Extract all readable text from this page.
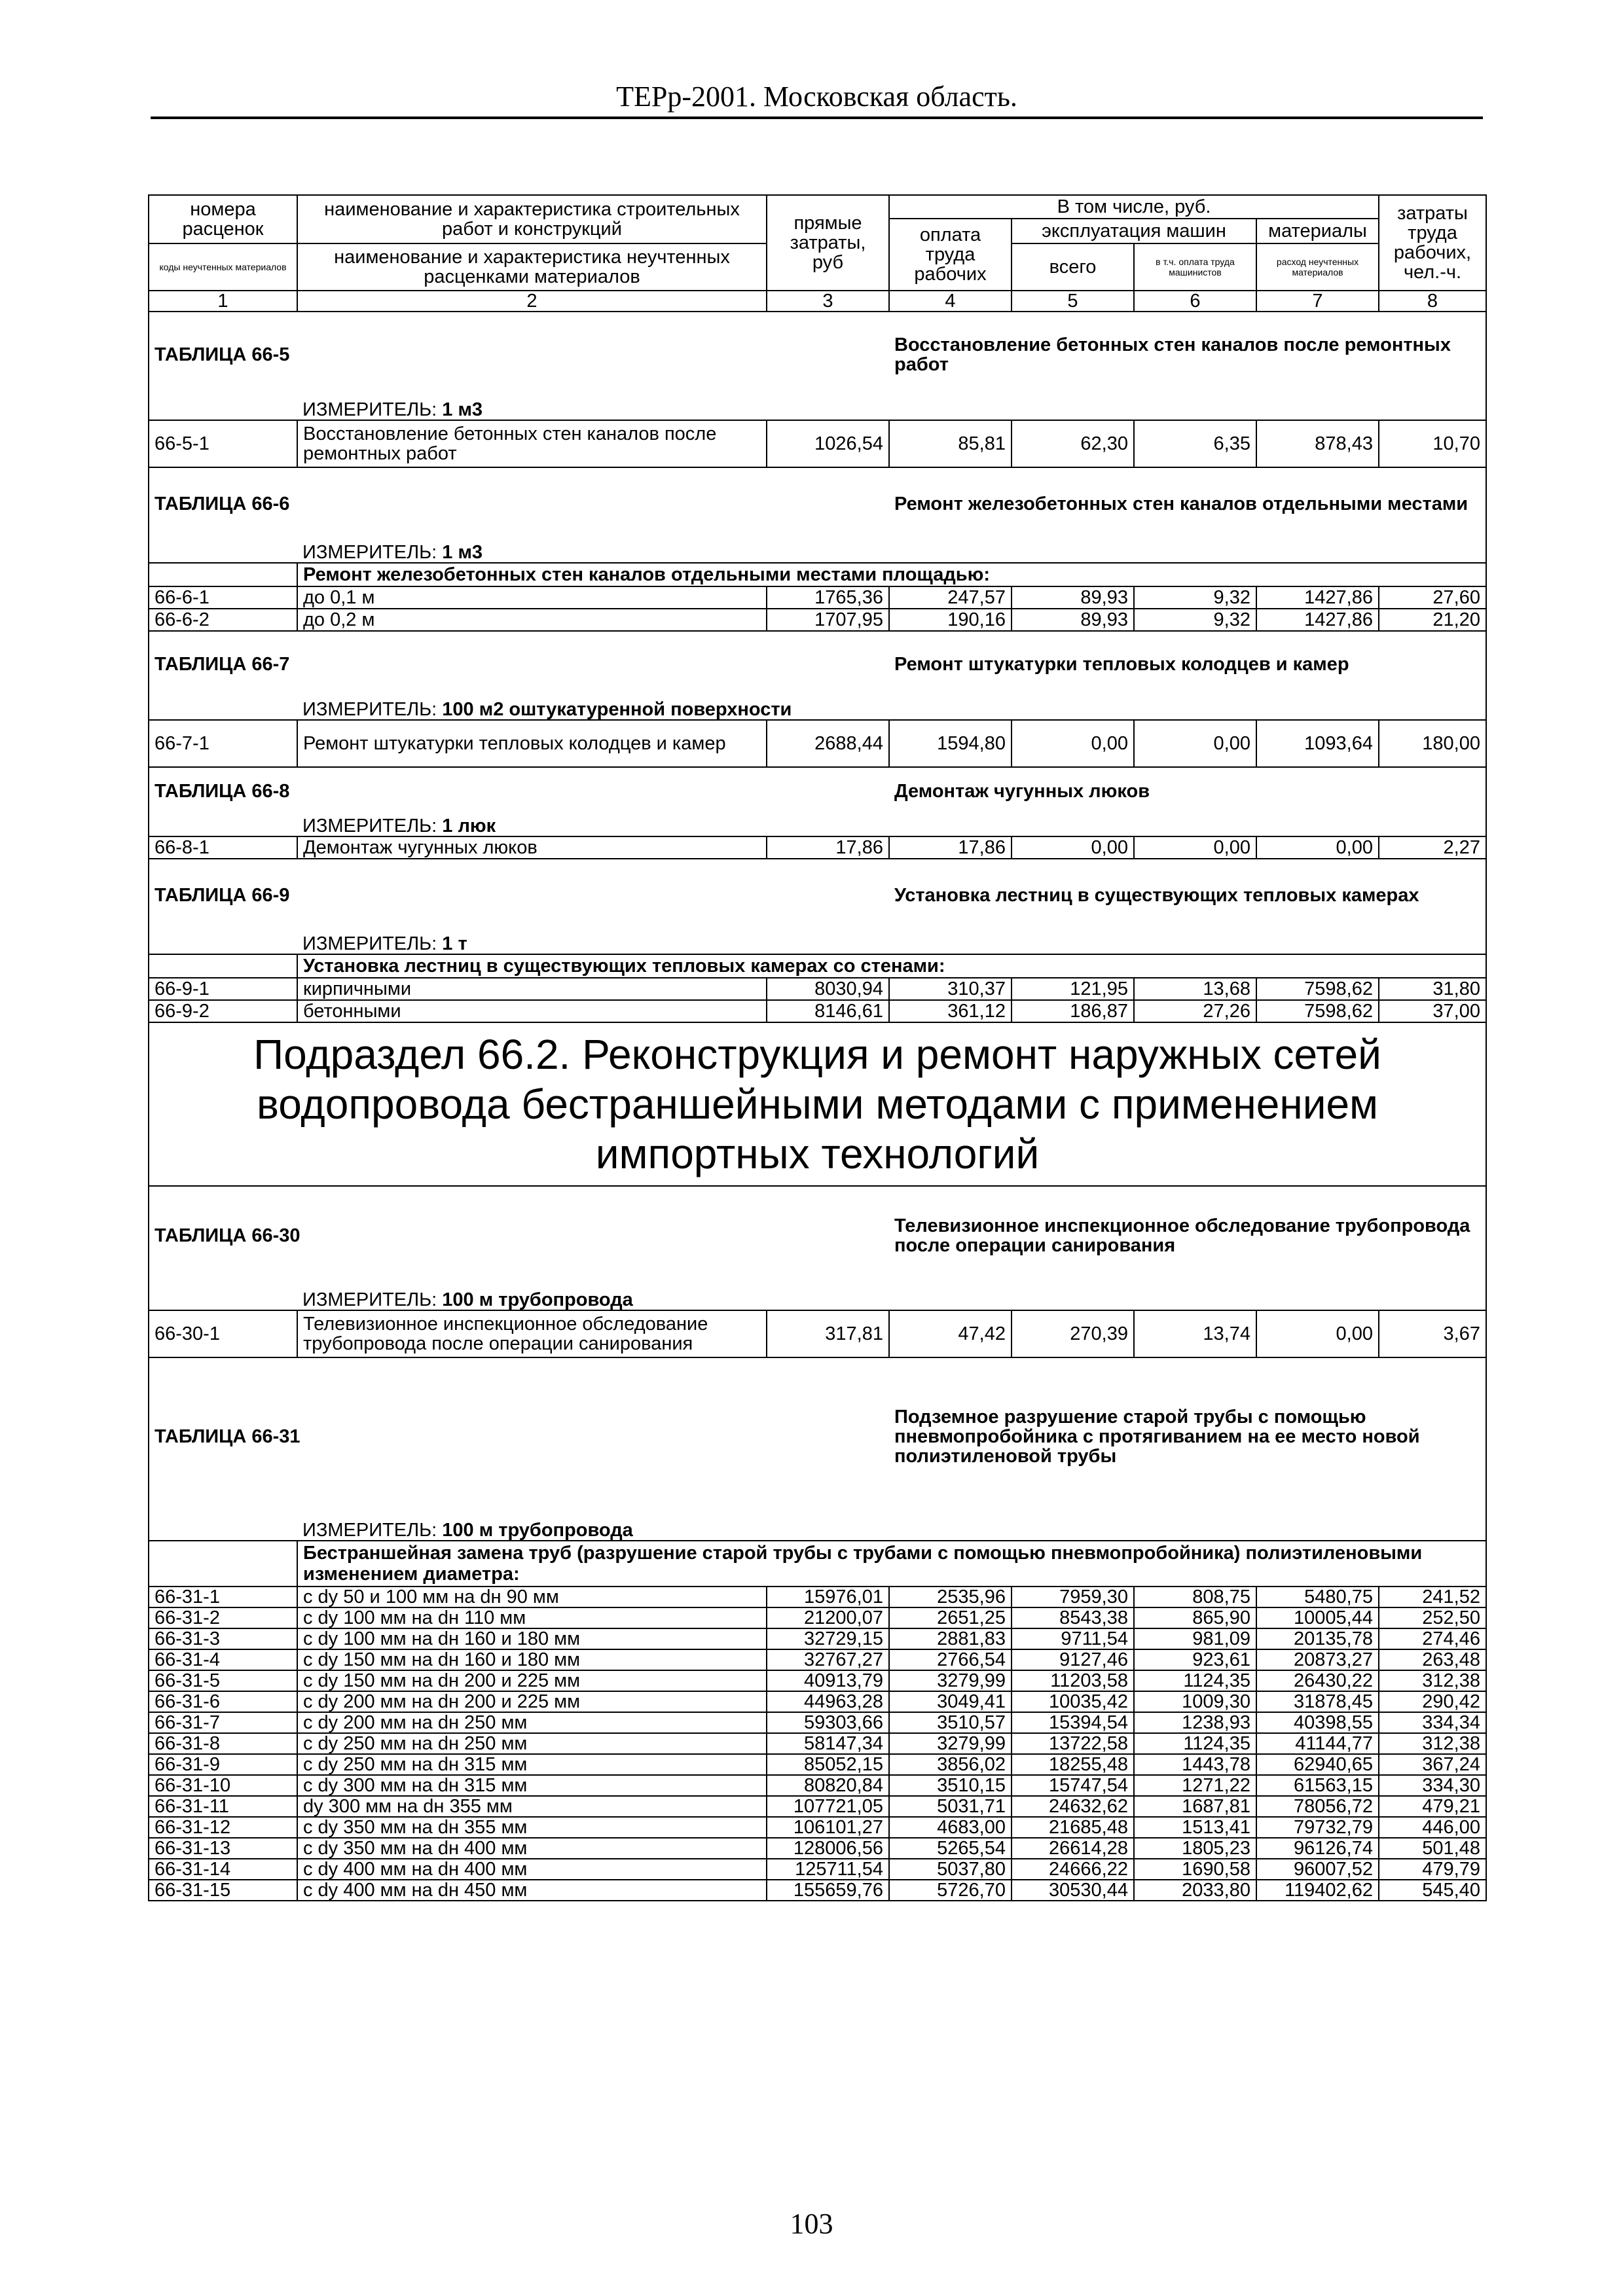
ТЕРр-2001. Московская область.
номера расценок	наименование и характеристика строительных работ и конструкций	прямые затраты, руб	В том числе, руб.				затраты труда рабочих, чел.-ч.
			оплата труда рабочих	эксплуатация машин		материалы	
коды неучтенных материалов	наименование и характеристика неучтенных расценками материалов			всего	в т.ч. оплата труда машинистов	расход неучтенных материалов	

1	2	3	4	5	6	7	8
ТАБЛИЦА 66-5			Восстановление бетонных стен каналов после ремонтных работ				
	ИЗМЕРИТЕЛЬ: 1 м3						
66-5-1	Восстановление бетонных стен каналов после ремонтных работ	1026,54	85,81	62,30	6,35	878,43	10,70
ТАБЛИЦА 66-6			Ремонт железобетонных стен каналов отдельными местами				
	ИЗМЕРИТЕЛЬ: 1 м3						
	Ремонт железобетонных стен каналов отдельными местами площадью:						
66-6-1	до 0,1 м	1765,36	247,57	89,93	9,32	1427,86	27,60
66-6-2	до 0,2 м	1707,95	190,16	89,93	9,32	1427,86	21,20
ТАБЛИЦА 66-7			Ремонт штукатурки тепловых колодцев и камер				
	ИЗМЕРИТЕЛЬ: 100 м2 оштукатуренной поверхности						
66-7-1	Ремонт штукатурки тепловых колодцев и камер	2688,44	1594,80	0,00	0,00	1093,64	180,00
ТАБЛИЦА 66-8			Демонтаж чугунных люков				
	ИЗМЕРИТЕЛЬ: 1 люк						
66-8-1	Демонтаж чугунных люков	17,86	17,86	0,00	0,00	0,00	2,27
ТАБЛИЦА 66-9			Установка лестниц в существующих тепловых камерах				
	ИЗМЕРИТЕЛЬ: 1 т						
	Установка лестниц в существующих тепловых камерах со стенами:						
66-9-1	кирпичными	8030,94	310,37	121,95	13,68	7598,62	31,80
66-9-2	бетонными	8146,61	361,12	186,87	27,26	7598,62	37,00
Подраздел 66.2. Реконструкция и ремонт наружных сетей водопровода бестраншейными методами с применением импортных технологий							
ТАБЛИЦА 66-30			Телевизионное инспекционное обследование трубопровода после операции санирования				
	ИЗМЕРИТЕЛЬ: 100 м трубопровода						
66-30-1	Телевизионное инспекционное обследование трубопровода после операции санирования	317,81	47,42	270,39	13,74	0,00	3,67
ТАБЛИЦА 66-31			Подземное разрушение старой трубы с помощью пневмопробойника с протягиванием на ее место новой полиэтиленовой трубы				
	ИЗМЕРИТЕЛЬ: 100 м трубопровода						
	Бестраншейная замена труб (разрушение старой трубы с трубами с помощью пневмопробойника) полиэтиленовыми изменением диаметра:						
66-31-1	с dy 50 и 100 мм на dн 90 мм	15976,01	2535,96	7959,30	808,75	5480,75	241,52
66-31-2	с dy 100 мм на dн 110 мм	21200,07	2651,25	8543,38	865,90	10005,44	252,50
66-31-3	с dy 100 мм на dн 160 и 180 мм	32729,15	2881,83	9711,54	981,09	20135,78	274,46
66-31-4	с dy 150 мм на dн 160 и 180 мм	32767,27	2766,54	9127,46	923,61	20873,27	263,48
66-31-5	с dy 150 мм на dн 200 и 225 мм	40913,79	3279,99	11203,58	1124,35	26430,22	312,38
66-31-6	с dy 200 мм на dн 200 и 225 мм	44963,28	3049,41	10035,42	1009,30	31878,45	290,42
66-31-7	с dy 200 мм на dн 250 мм	59303,66	3510,57	15394,54	1238,93	40398,55	334,34
66-31-8	с dy 250 мм на dн 250 мм	58147,34	3279,99	13722,58	1124,35	41144,77	312,38
66-31-9	с dy 250 мм на dн 315 мм	85052,15	3856,02	18255,48	1443,78	62940,65	367,24
66-31-10	с dy 300 мм на dн 315 мм	80820,84	3510,15	15747,54	1271,22	61563,15	334,30
66-31-11	dy 300 мм на dн 355 мм	107721,05	5031,71	24632,62	1687,81	78056,72	479,21
66-31-12	с dy 350 мм на dн 355 мм	106101,27	4683,00	21685,48	1513,41	79732,79	446,00
66-31-13	с dy 350 мм на dн 400 мм	128006,56	5265,54	26614,28	1805,23	96126,74	501,48
66-31-14	с dy 400 мм на dн 400 мм	125711,54	5037,80	24666,22	1690,58	96007,52	479,79
66-31-15	с dy 400 мм на dн 450 мм	155659,76	5726,70	30530,44	2033,80	119402,62	545,40
103
